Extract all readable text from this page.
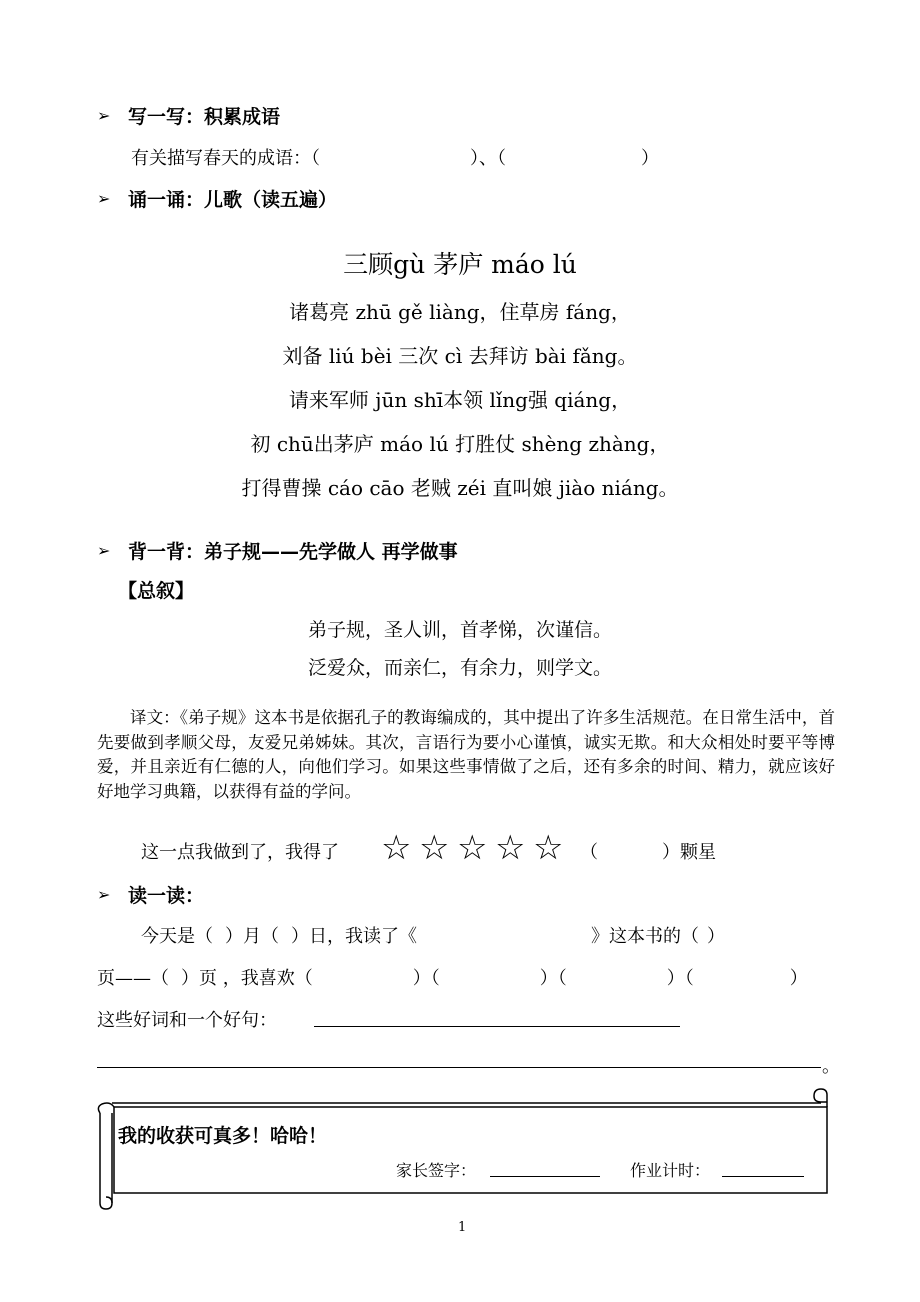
➢ 写一写：积累成语
有关描写春天的成语：（	）、（	）
➢ 诵一诵：儿歌（读五遍）
三顾gù 茅庐 máo lú
诸葛亮 zhū gě liàng，住草房 fáng，
刘备 liú bèi 三次 cì 去拜访 bài fǎng。
请来军师 jūn shī本领 lǐng强 qiáng，
初 chū出茅庐 máo lú 打胜仗 shèng zhàng，
打得曹操 cáo cāo 老贼 zéi 直叫娘 jiào niáng。
➢ 背一背：弟子规——先学做人 再学做事
【总叙】
弟子规，圣人训，首孝悌，次谨信。
泛爱众，而亲仁，有余力，则学文。
译文：《弟子规》这本书是依据孔子的教诲编成的，其中提出了许多生活规范。在日常生活中，首先要做到孝顺父母，友爱兄弟姊妹。其次，言语行为要小心谨慎，诚实无欺。和大众相处时要平等博爱，并且亲近有仁德的人，向他们学习。如果这些事情做了之后，还有多余的时间、精力，就应该好好地学习典籍，以获得有益的学问。
这一点我做到了，我得了 ☆ ☆ ☆ ☆ ☆ （	）颗星
➢ 读一读：
今天是（ ）月（ ）日，我读了《	》这本书的（ ）
页——（ ）页 ，我喜欢（	）（	）（	）（	）
这些好词和一个好句：
。
我的收获可真多！哈哈！
家长签字：	作业计时：
1
